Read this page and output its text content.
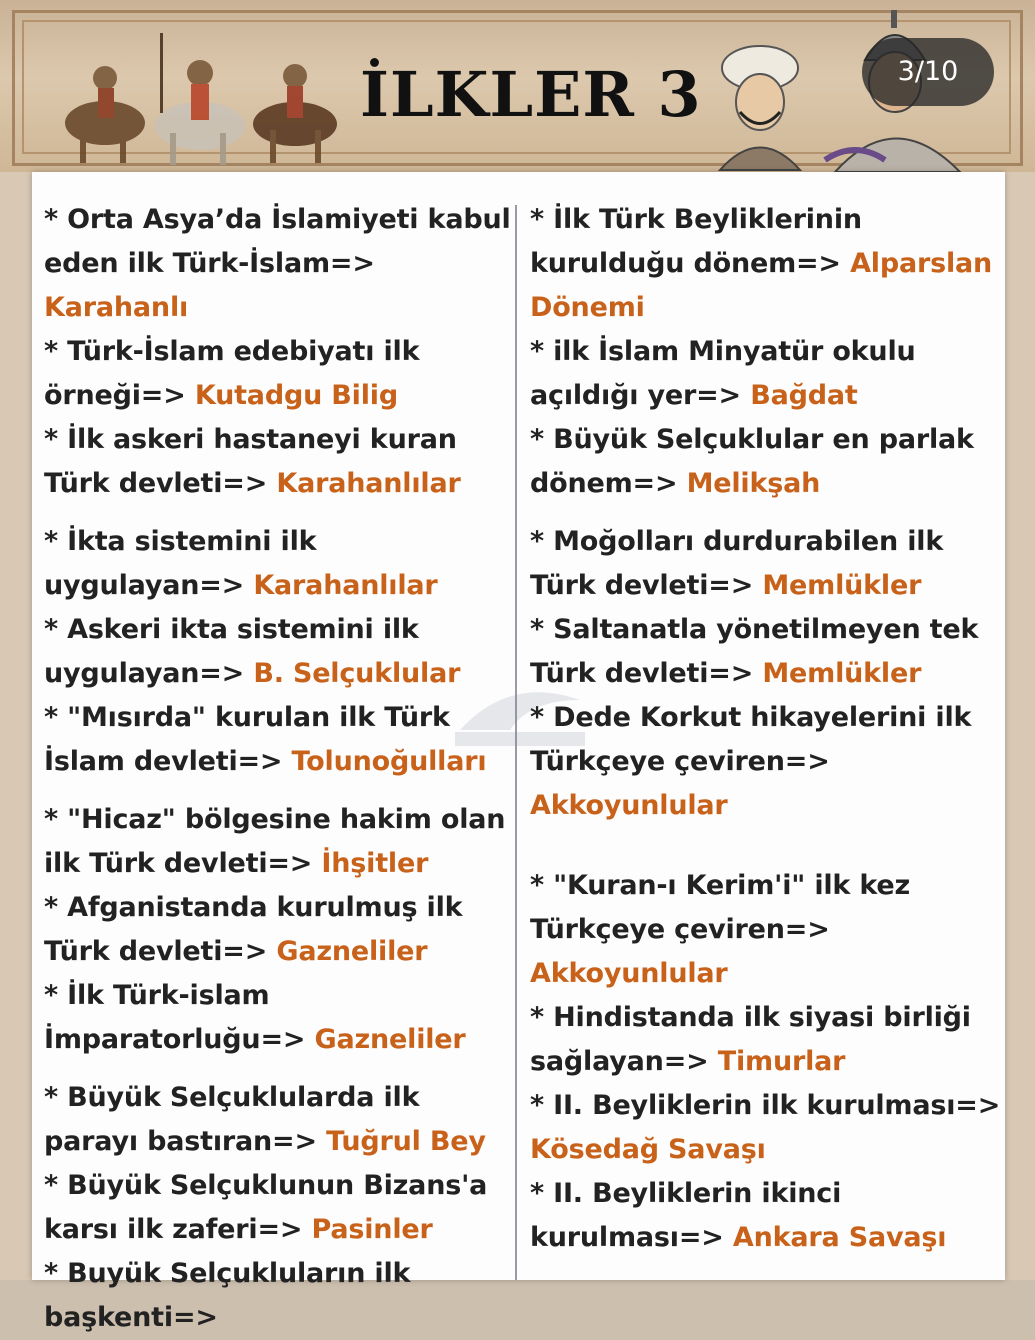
İLKLER 3	3/10

* Orta Asya’da İslamiyeti kabul eden ilk Türk-İslam=> Karahanlı

* Türk-İslam edebiyatı ilk örneği=> Kutadgu Bilig

* İlk askeri hastaneyi kuran Türk devleti=> Karahanlılar

* İkta sistemini ilk uygulayan=> Karahanlılar

* Askeri ikta sistemini ilk uygulayan=> B. Selçuklular

* "Mısırda" kurulan ilk Türk İslam devleti=> Tolunoğulları

* "Hicaz" bölgesine hakim olan ilk Türk devleti=> İhşitler

* Afganistanda kurulmuş ilk Türk devleti=> Gazneliler

* İlk Türk-islam İmparatorluğu=> Gazneliler

* Büyük Selçuklularda ilk parayı bastıran=> Tuğrul Bey

* Büyük Selçuklunun Bizans'a karsı ilk zaferi=> Pasinler

* Buyük Selçukluların ilk başkenti=>

* İlk Türk Beyliklerinin kurulduğu dönem=> Alparslan Dönemi

* ilk İslam Minyatür okulu açıldığı yer=> Bağdat

* Büyük Selçuklular en parlak dönem=> Melikşah

* Moğolları durdurabilen ilk Türk devleti=> Memlükler

* Saltanatla yönetilmeyen tek Türk devleti=> Memlükler

* Dede Korkut hikayelerini ilk Türkçeye çeviren=> Akkoyunlular

* "Kuran-ı Kerim'i" ilk kez Türkçeye çeviren=> Akkoyunlular

* Hindistanda ilk siyasi birliği sağlayan=> Timurlar

* II. Beyliklerin ilk kurulması=> Kösedağ Savaşı

* II. Beyliklerin ikinci kurulması=> Ankara Savaşı
